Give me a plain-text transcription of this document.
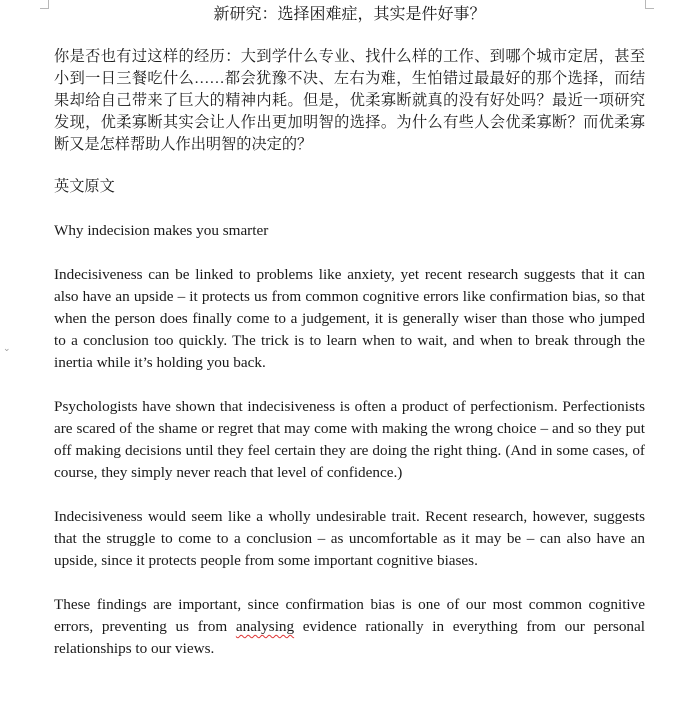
⌄
新研究：选择困难症，其实是件好事？

你是否也有过这样的经历：大到学什么专业、找什么样的工作、到哪个城市定居，甚至小到一日三餐吃什么……都会犹豫不决、左右为难，生怕错过最最好的那个选择，而结果却给自己带来了巨大的精神内耗。但是，优柔寡断就真的没有好处吗？最近一项研究发现，优柔寡断其实会让人作出更加明智的选择。为什么有些人会优柔寡断？而优柔寡断又是怎样帮助人作出明智的决定的？

英文原文

Why indecision makes you smarter

Indecisiveness can be linked to problems like anxiety, yet recent research suggests that it can also have an upside – it protects us from common cognitive errors like confirmation bias, so that when the person does finally come to a judgement, it is generally wiser than those who jumped to a conclusion too quickly. The trick is to learn when to wait, and when to break through the inertia while it’s holding you back.

Psychologists have shown that indecisiveness is often a product of perfectionism. Perfectionists are scared of the shame or regret that may come with making the wrong choice – and so they put off making decisions until they feel certain they are doing the right thing. (And in some cases, of course, they simply never reach that level of confidence.)

Indecisiveness would seem like a wholly undesirable trait. Recent research, however, suggests that the struggle to come to a conclusion – as uncomfortable as it may be – can also have an upside, since it protects people from some important cognitive biases.

These findings are important, since confirmation bias is one of our most common cognitive errors, preventing us from analysing evidence rationally in everything from our personal relationships to our views.
